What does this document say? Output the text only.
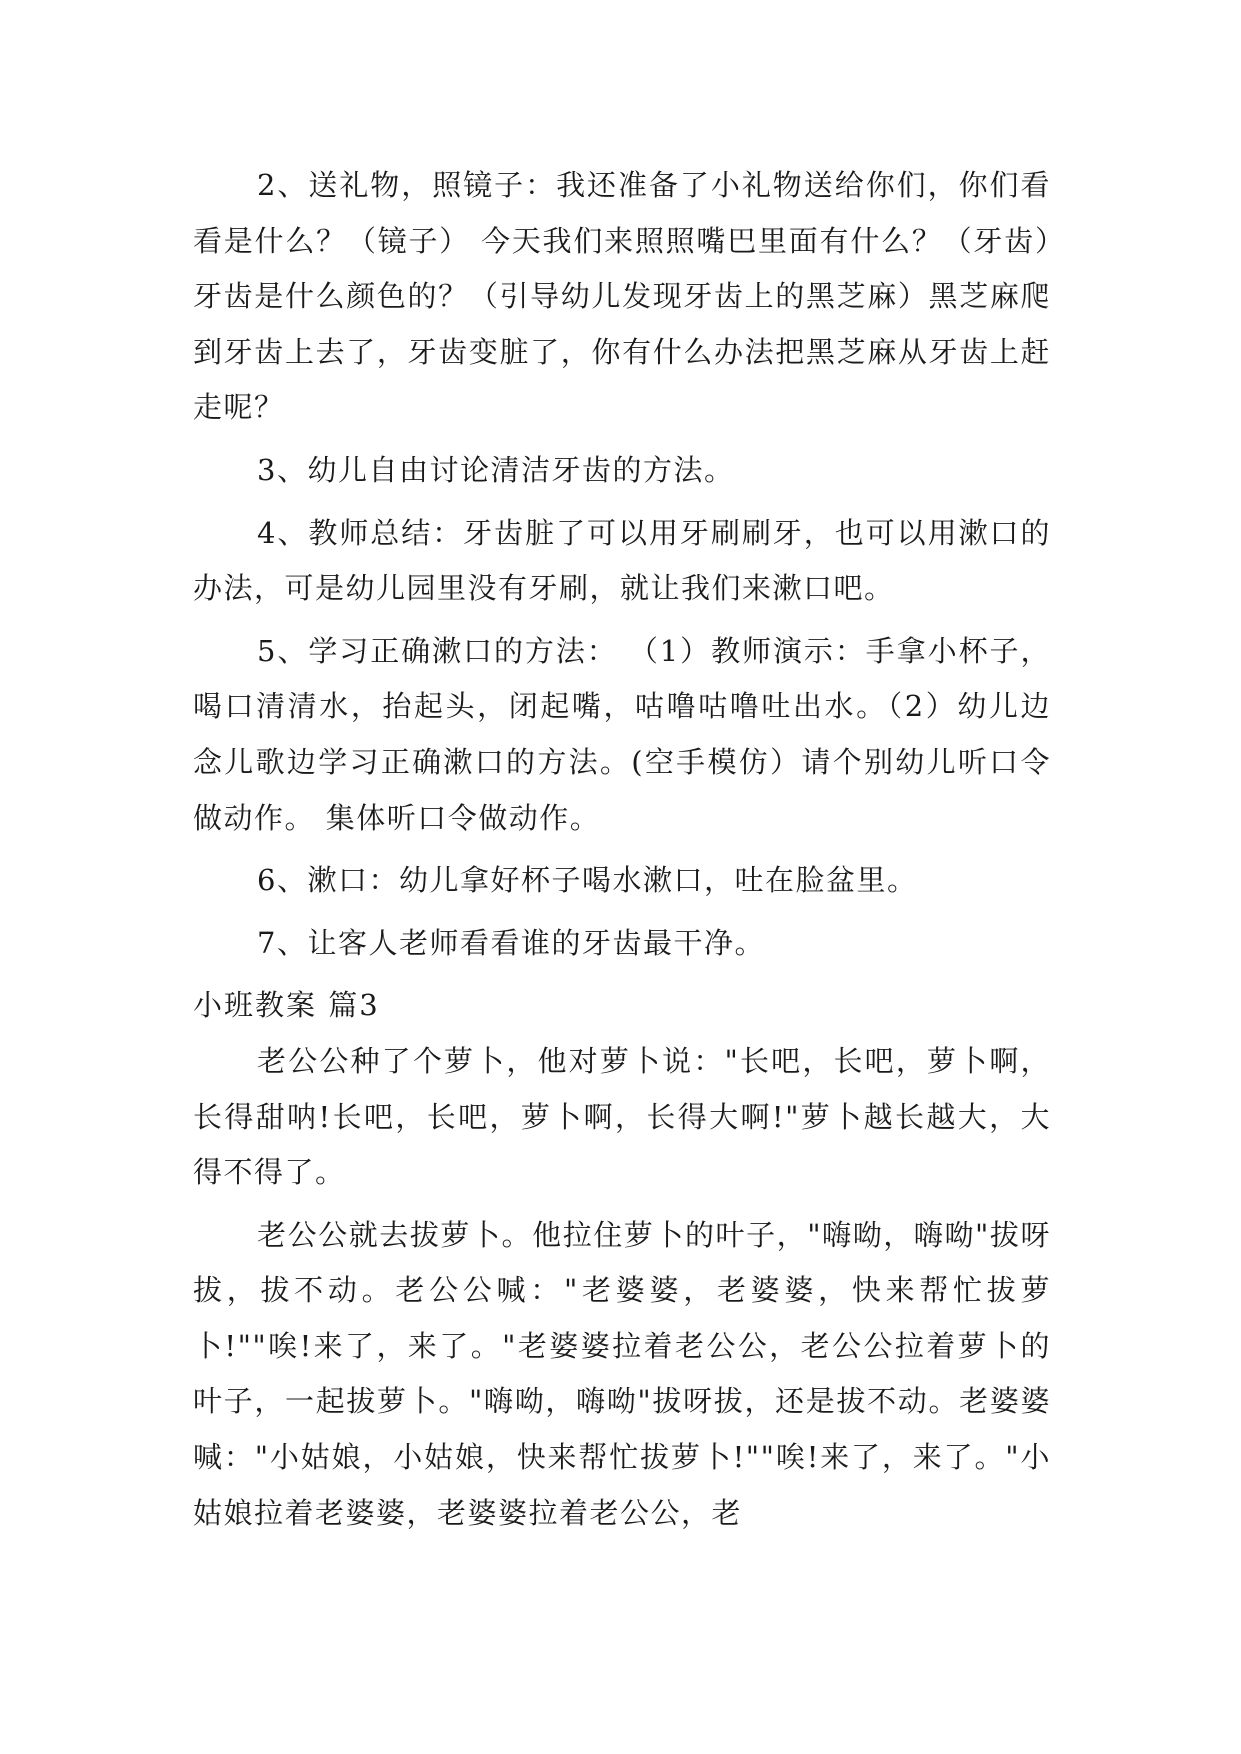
2、送礼物，照镜子：我还准备了小礼物送给你们，你们看看是什么？（镜子） 今天我们来照照嘴巴里面有什么？（牙齿）牙齿是什么颜色的？（引导幼儿发现牙齿上的黑芝麻）黑芝麻爬到牙齿上去了，牙齿变脏了，你有什么办法把黑芝麻从牙齿上赶走呢？

3、幼儿自由讨论清洁牙齿的方法。

4、教师总结：牙齿脏了可以用牙刷刷牙，也可以用漱口的办法，可是幼儿园里没有牙刷，就让我们来漱口吧。

5、学习正确漱口的方法： （1）教师演示：手拿小杯子，喝口清清水，抬起头，闭起嘴，咕噜咕噜吐出水。（2）幼儿边念儿歌边学习正确漱口的方法。(空手模仿）请个别幼儿听口令做动作。 集体听口令做动作。

6、漱口：幼儿拿好杯子喝水漱口，吐在脸盆里。

7、让客人老师看看谁的牙齿最干净。

小班教案 篇3

老公公种了个萝卜，他对萝卜说："长吧，长吧，萝卜啊，长得甜呐!长吧，长吧，萝卜啊，长得大啊!"萝卜越长越大，大得不得了。

老公公就去拔萝卜。他拉住萝卜的叶子，"嗨呦，嗨呦"拔呀拔，拔不动。老公公喊："老婆婆，老婆婆，快来帮忙拔萝卜!""唉!来了，来了。"老婆婆拉着老公公，老公公拉着萝卜的叶子，一起拔萝卜。"嗨呦，嗨呦"拔呀拔，还是拔不动。老婆婆喊："小姑娘，小姑娘，快来帮忙拔萝卜!""唉!来了，来了。"小姑娘拉着老婆婆，老婆婆拉着老公公，老
